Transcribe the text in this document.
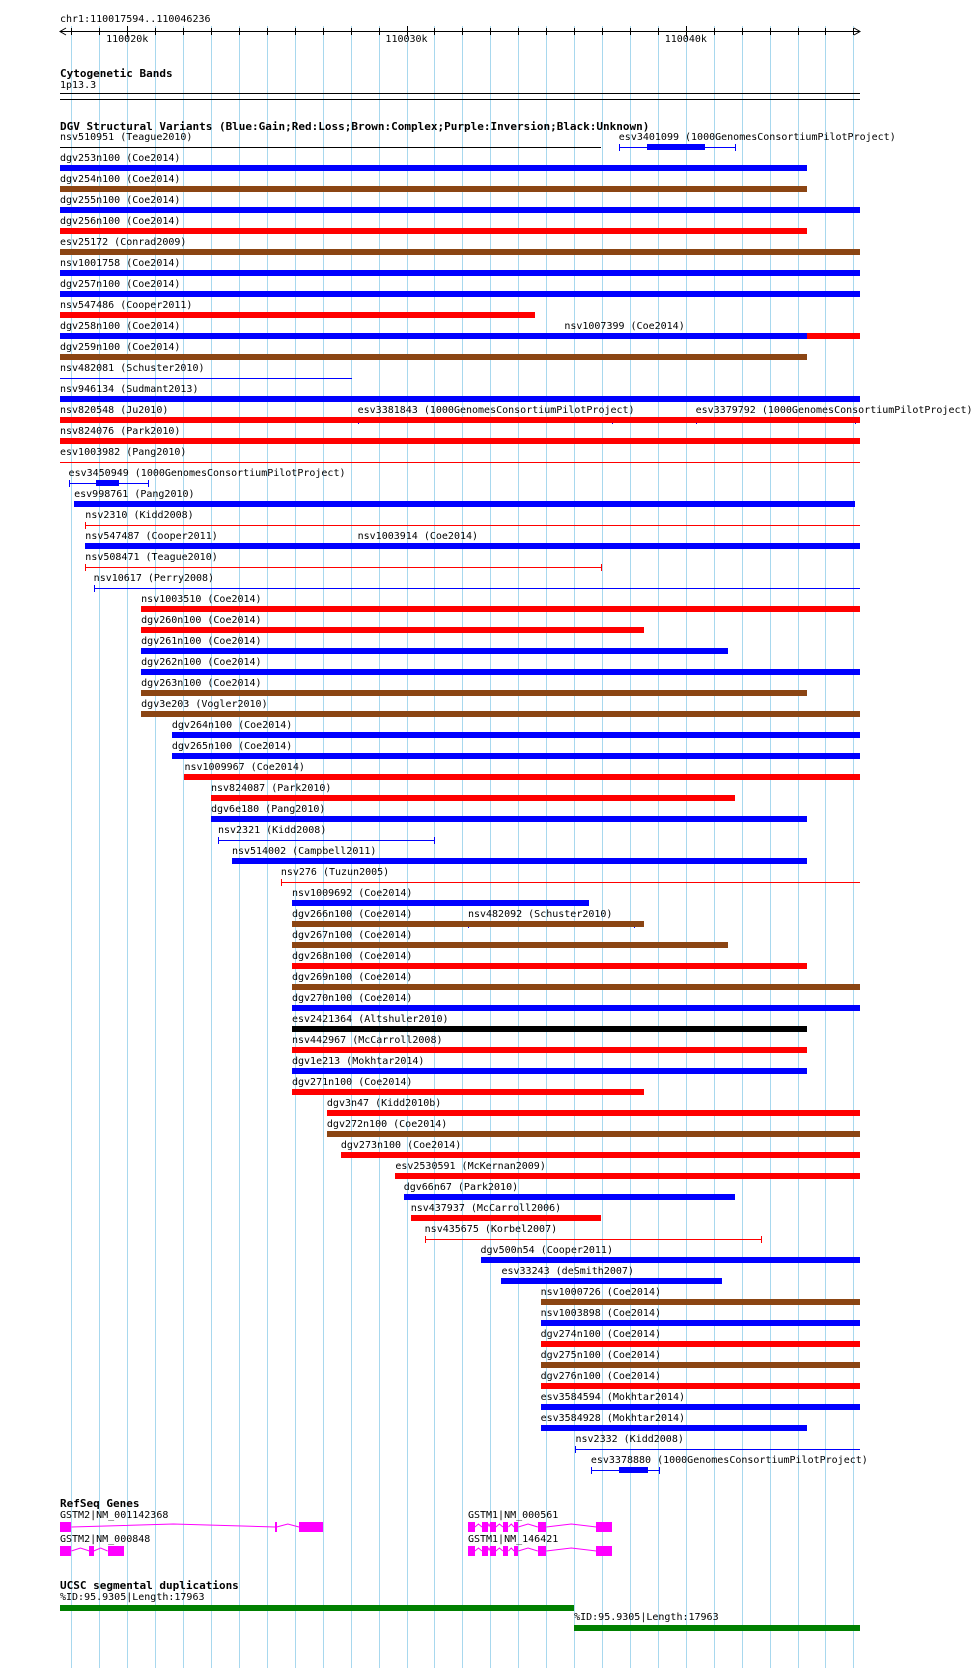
chr1:110017594..110046236
110020k	110030k	110040k
Cytogenetic Bands
1p13.3
DGV Structural Variants (Blue:Gain;Red:Loss;Brown:Complex;Purple:Inversion;Black:Unknown)
nsv510951 (Teague2010)	esv3401099 (1000GenomesConsortiumPilotProject)
dgv253n100 (Coe2014)
dgv254n100 (Coe2014)
dgv255n100 (Coe2014)
dgv256n100 (Coe2014)
esv25172 (Conrad2009)
nsv1001758 (Coe2014)
dgv257n100 (Coe2014)
nsv547486 (Cooper2011)
nsv1007399 (Coe2014)
dgv258n100 (Coe2014)
dgv259n100 (Coe2014)
nsv482081 (Schuster2010)
esv3381843 (1000GenomesConsortiumPilotProject)	esv3379792 (1000GenomesConsortiumPilotProject)
nsv946134 (Sudmant2013)
nsv820548 (Ju2010)
nsv824076 (Park2010)
esv1003982 (Pang2010)
esv3450949 (1000GenomesConsortiumPilotProject)
nsv1003914 (Coe2014)
esv998761 (Pang2010)
nsv2310 (Kidd2008)
nsv547487 (Cooper2011)
nsv508471 (Teague2010)
nsv10617 (Perry2008)
nsv1003510 (Coe2014)
dgv260n100 (Coe2014)
dgv261n100 (Coe2014)
dgv262n100 (Coe2014)
dgv263n100 (Coe2014)
dgv3e203 (Vogler2010)
dgv264n100 (Coe2014)
dgv265n100 (Coe2014)
nsv1009967 (Coe2014)
nsv824087 (Park2010)
dgv6e180 (Pang2010)
nsv2321 (Kidd2008)
nsv482092 (Schuster2010)
nsv514002 (Campbell2011)
nsv276 (Tuzun2005)
nsv1009692 (Coe2014)
dgv266n100 (Coe2014)
dgv267n100 (Coe2014)
dgv268n100 (Coe2014)
dgv269n100 (Coe2014)
dgv270n100 (Coe2014)
esv2421364 (Altshuler2010)
nsv442967 (McCarroll2008)
dgv1e213 (Mokhtar2014)
dgv271n100 (Coe2014)
dgv3n47 (Kidd2010b)
dgv272n100 (Coe2014)
dgv273n100 (Coe2014)
esv2530591 (McKernan2009)
dgv66n67 (Park2010)
nsv437937 (McCarroll2006)
nsv435675 (Korbel2007)
dgv500n54 (Cooper2011)
esv33243 (deSmith2007)
nsv1000726 (Coe2014)
nsv1003898 (Coe2014)
dgv274n100 (Coe2014)
dgv275n100 (Coe2014)
dgv276n100 (Coe2014)
esv3584594 (Mokhtar2014)
esv3584928 (Mokhtar2014)
nsv2332 (Kidd2008)
esv3378880 (1000GenomesConsortiumPilotProject)
RefSeq Genes
GSTM2|NM_001142368	GSTM1|NM_000561
GSTM2|NM_000848	GSTM1|NM_146421
UCSC segmental duplications
%ID:95.9305|Length:17963
%ID:95.9305|Length:17963
